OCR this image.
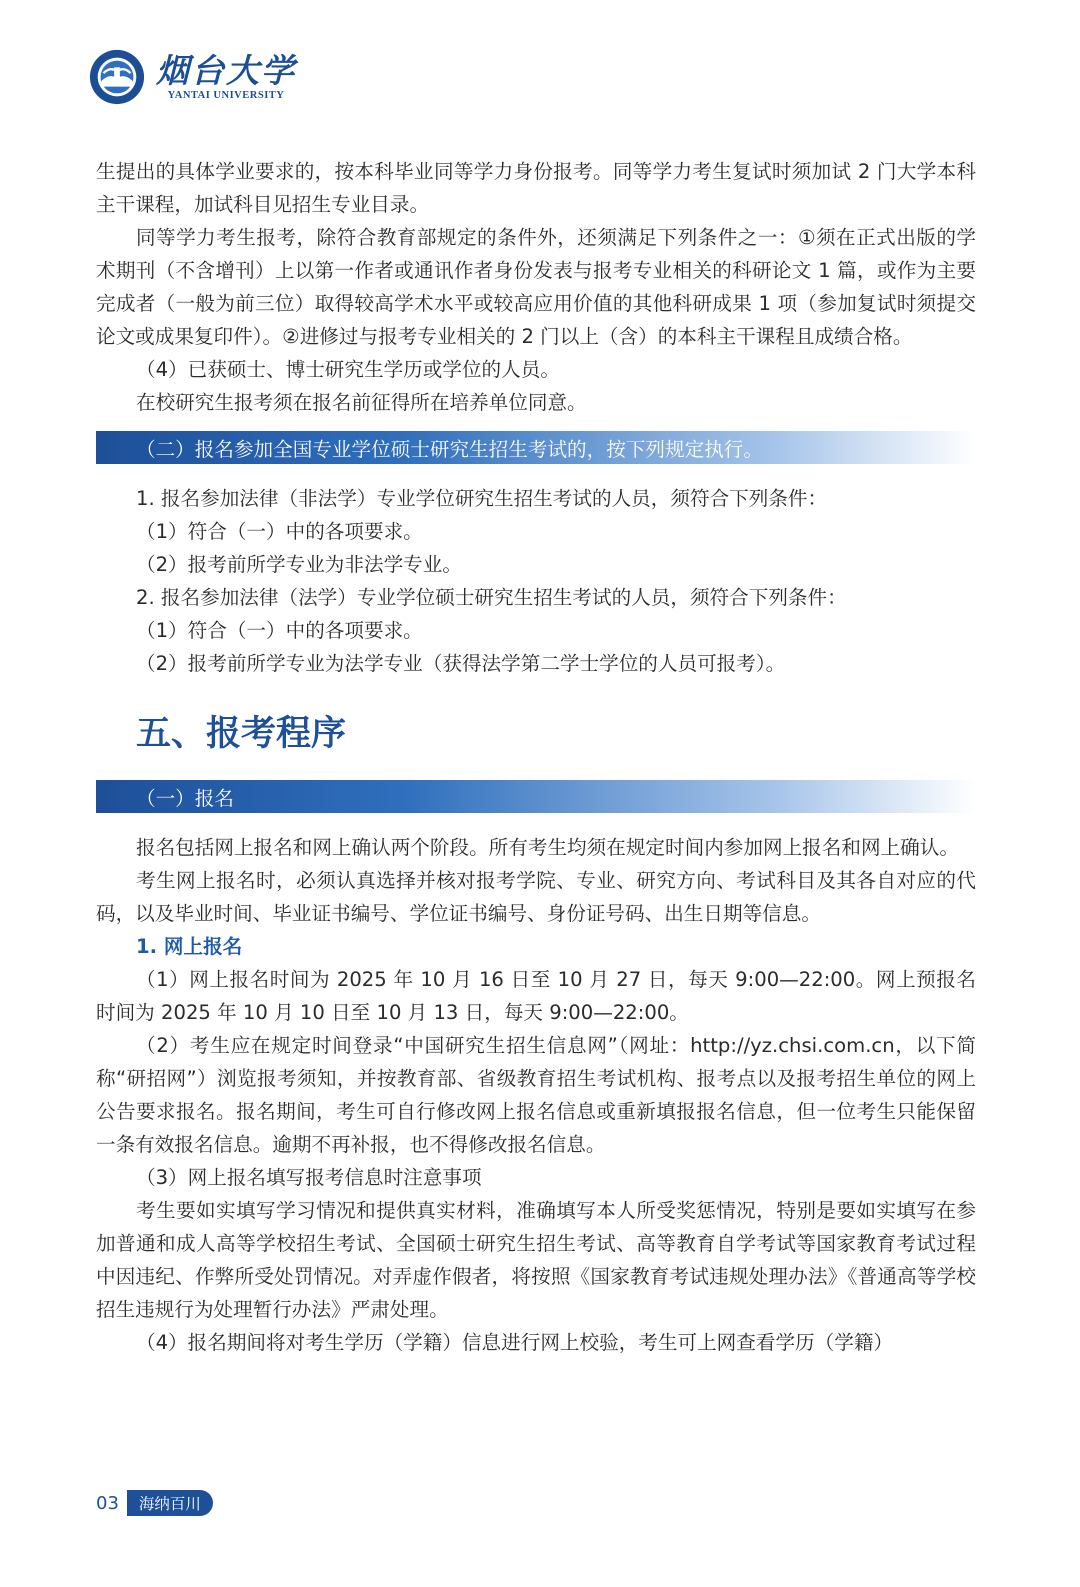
烟台大学
YANTAI UNIVERSITY

生提出的具体学业要求的，按本科毕业同等学力身份报考。同等学力考生复试时须加试 2 门大学本科主干课程，加试科目见招生专业目录。

同等学力考生报考，除符合教育部规定的条件外，还须满足下列条件之一：①须在正式出版的学术期刊（不含增刊）上以第一作者或通讯作者身份发表与报考专业相关的科研论文 1 篇，或作为主要完成者（一般为前三位）取得较高学术水平或较高应用价值的其他科研成果 1 项（参加复试时须提交论文或成果复印件）。②进修过与报考专业相关的 2 门以上（含）的本科主干课程且成绩合格。

（4）已获硕士、博士研究生学历或学位的人员。

在校研究生报考须在报名前征得所在培养单位同意。

（二）报名参加全国专业学位硕士研究生招生考试的，按下列规定执行。

1. 报名参加法律（非法学）专业学位研究生招生考试的人员，须符合下列条件：

（1）符合（一）中的各项要求。

（2）报考前所学专业为非法学专业。

2. 报名参加法律（法学）专业学位硕士研究生招生考试的人员，须符合下列条件：

（1）符合（一）中的各项要求。

（2）报考前所学专业为法学专业（获得法学第二学士学位的人员可报考）。

五、报考程序
（一）报名

报名包括网上报名和网上确认两个阶段。所有考生均须在规定时间内参加网上报名和网上确认。

考生网上报名时，必须认真选择并核对报考学院、专业、研究方向、考试科目及其各自对应的代码，以及毕业时间、毕业证书编号、学位证书编号、身份证号码、出生日期等信息。

1. 网上报名

（1）网上报名时间为 2025 年 10 月 16 日至 10 月 27 日，每天 9:00—22:00。网上预报名时间为 2025 年 10 月 10 日至 10 月 13 日，每天 9:00—22:00。

（2）考生应在规定时间登录“中国研究生招生信息网”（网址：http://yz.chsi.com.cn，以下简称“研招网”）浏览报考须知，并按教育部、省级教育招生考试机构、报考点以及报考招生单位的网上公告要求报名。报名期间，考生可自行修改网上报名信息或重新填报报名信息，但一位考生只能保留一条有效报名信息。逾期不再补报，也不得修改报名信息。

（3）网上报名填写报考信息时注意事项

考生要如实填写学习情况和提供真实材料，准确填写本人所受奖惩情况，特别是要如实填写在参加普通和成人高等学校招生考试、全国硕士研究生招生考试、高等教育自学考试等国家教育考试过程中因违纪、作弊所受处罚情况。对弄虚作假者，将按照《国家教育考试违规处理办法》《普通高等学校招生违规行为处理暂行办法》严肃处理。

（4）报名期间将对考生学历（学籍）信息进行网上校验，考生可上网查看学历（学籍）

03	海纳百川
